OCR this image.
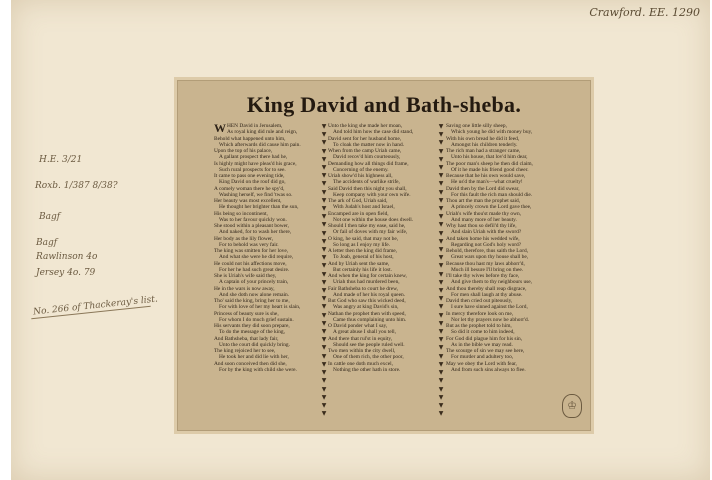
Crawford. EE. 1290
H.E. 3/21
Roxb. 1/387 8/38?
Bagf
Bagf
Rawlinson 4o
Jersey 4o. 79
No. 266 of Thackeray's list.
King David and Bath-sheba.

WHEN David in Jerusalem,

As royal king did rule and reign,

Behold what happened unto him,

Which afterwards did cause him pain.

Upon the top of his palace,

A gallant prospect there had he,

Is highly might have pleas'd his grace,

Such rural prospects for to see.

It came to pass one evening tide,

King David on the roof did go,

A comely woman there he spy'd,

Washing herself, we find 'twas so.

Her beauty was most excellent,

He thought her brighter than the sun,

His being so incontinent,

Was to her favour quickly won.

She stood within a pleasant bower,

And naked, for to wash her there,

Her body as the lily flower,

For to behold was very fair.

The king was smitten for her love,

And what she were he did require,

He could not his affections move,

For her he had such great desire.

She is Uriah's wife said they,

A captain of your princely train,

He in the wars is now away,

And she doth now alone remain.

Tho' said the king, bring her to me,

For with love of her my heart is slain,

Princess of beauty sure is she,

For whom I do much grief sustain.

His servants they did soon prepare,

To do the message of the king,

And Bathsheba, that lady fair,

Unto the court did quickly bring.

The king rejoiced her to see,

He took her and did lie with her,

And soon conceived then did she,

For by the king with child she were.

▼
▼
▼
▼
▼
▼
▼
▼
▼
▼
▼
▼
▼
▼
▼
▼
▼
▼
▼
▼
▼
▼
▼
▼
▼
▼
▼
▼
▼
▼
▼
▼
▼
▼
▼
▼

Unto the king she made her moan,

And told him how the case did stand,

David sent for her husband home,

To cloak the matter now in hand.

When from the camp Uriah came,

David recov'd him courteously,

Demanding how all things did frame,

Concerning of the enemy.

Uriah show'd his highness all,

The accidents of warlike strife,

Said David then this night you shall,

Keep company with your own wife.

The ark of God, Uriah said,

With Judah's host and Israel,

Encamped are in open field,

Not one within the house does dwell.

Should I then take my ease, said he,

Or fail of doves with my fair wife,

O king, he said, that may not be,

So long as I enjoy my life.

A letter then the king did frame,

To Joab, general of his host,

And by Uriah sent the same,

But certainly his life it lost.

And when the king for certain knew,

Uriah thus had murdered been,

Fair Bathsheba to court he drew,

And made of her his royal queen.

But God who saw this wicked deed,

Was angry at king David's sin,

Nathan the prophet then with speed,

Came thus complaining unto him.

O David ponder what I say,

A great abuse I shall you tell,

And there that rul'st in equity,

Should see the people ruled well.

Two men within the city dwell,

One of them rich, the other poor,

In cattle one doth much excel,

Nothing the other hath in store.

▼
▼
▼
▼
▼
▼
▼
▼
▼
▼
▼
▼
▼
▼
▼
▼
▼
▼
▼
▼
▼
▼
▼
▼
▼
▼
▼
▼
▼
▼
▼
▼
▼
▼
▼
▼

Saving one little silly sheep,

Which young he did with money buy,

With his own bread he did it feed,

Amongst his children tenderly.

The rich man had a stranger came,

Unto his house, that lov'd him dear,

The poor man's sheep he then did claim,

Of it he made his friend good cheer.

Because that he his own would save,

He us'd the man's—what cruelty!

David then by the Lord did swear,

For this fault the rich man should die.

Thou art the man the prophet said,

A princely crown the Lord gave thee,

Uriah's wife thou'st made thy own,

And many more of her beauty.

Why hast thou so defil'd thy life,

And slain Uriah with the sword?

And taken home his wedded wife,

Regarding not God's holy word?

Behold, therefore, thus saith the Lord,

Great wars upon thy house shall be,

Because thou hast my laws abhorr'd,

Much ill besure I'll bring on thee.

I'll take thy wives before thy face,

And give them to thy neighbours use,

And thou thereby shall reap disgrace,

For men shall laugh at thy abuse.

David then cried out piteously,

I sure have sinned against the Lord,

In mercy therefore look on me,

Nor let thy prayers now be abhorr'd.

But as the prophet told to him,

So did it come to him indeed,

For God did plague him for his sin,

As in the bible we may read.

The scourge of sin we may see here,

For murder and adultery too,

May we obey the Lord with fear,

And from such sins always to flee.

♔
